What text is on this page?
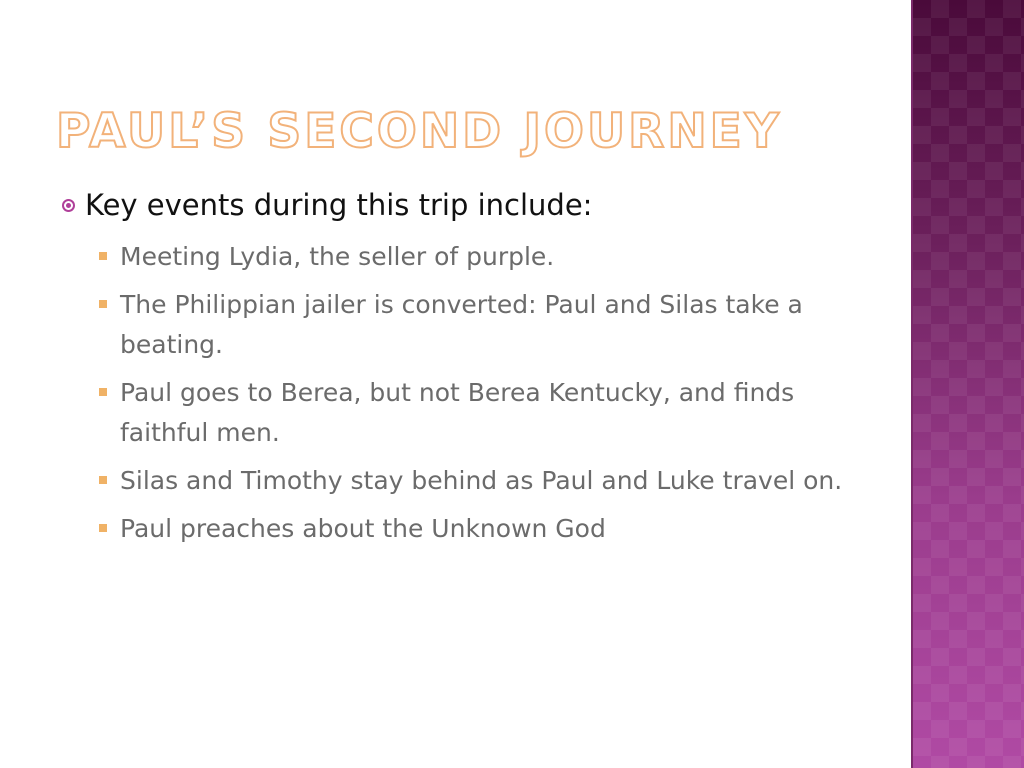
PAUL’S SECOND JOURNEY
Key events during this trip include:
Meeting Lydia, the seller of purple.
The Philippian jailer is converted: Paul and Silas take a beating.
Paul goes to Berea, but not Berea Kentucky, and finds faithful men.
Silas and Timothy stay behind as Paul and Luke travel on.
Paul preaches about the Unknown God
